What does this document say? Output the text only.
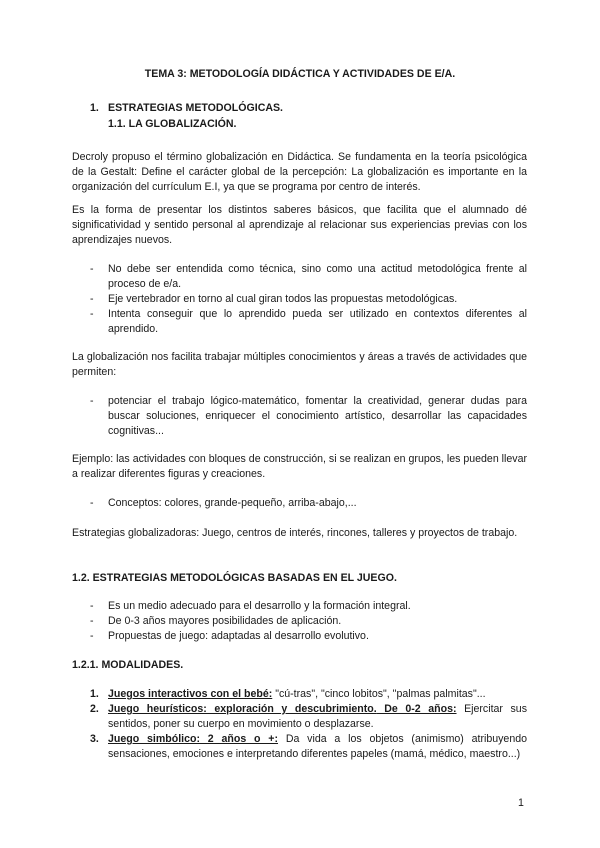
TEMA 3: METODOLOGÍA DIDÁCTICA Y ACTIVIDADES DE E/A.
1. ESTRATEGIAS METODOLÓGICAS.
1.1. LA GLOBALIZACIÓN.
Decroly propuso el término globalización en Didáctica. Se fundamenta en la teoría psicológica de la Gestalt: Define el carácter global de la percepción: La globalización es importante en la organización del currículum E.I, ya que se programa por centro de interés.
Es la forma de presentar los distintos saberes básicos, que facilita que el alumnado dé significatividad y sentido personal al aprendizaje al relacionar sus experiencias previas con los aprendizajes nuevos.
- No debe ser entendida como técnica, sino como una actitud metodológica frente al proceso de e/a.
- Eje vertebrador en torno al cual giran todos las propuestas metodológicas.
- Intenta conseguir que lo aprendido pueda ser utilizado en contextos diferentes al aprendido.
La globalización nos facilita trabajar múltiples conocimientos y áreas a través de actividades que permiten:
- potenciar el trabajo lógico-matemático, fomentar la creatividad, generar dudas para buscar soluciones, enriquecer el conocimiento artístico, desarrollar las capacidades cognitivas...
Ejemplo: las actividades con bloques de construcción, si se realizan en grupos, les pueden llevar a realizar diferentes figuras y creaciones.
- Conceptos: colores, grande-pequeño, arriba-abajo,...
Estrategias globalizadoras: Juego, centros de interés, rincones, talleres y proyectos de trabajo.
1.2. ESTRATEGIAS METODOLÓGICAS BASADAS EN EL JUEGO.
- Es un medio adecuado para el desarrollo y la formación integral.
- De 0-3 años mayores posibilidades de aplicación.
- Propuestas de juego: adaptadas al desarrollo evolutivo.
1.2.1. MODALIDADES.
1. Juegos interactivos con el bebé: "cú-tras", "cinco lobitos", "palmas palmitas"...
2. Juego heurísticos: exploración y descubrimiento. De 0-2 años: Ejercitar sus sentidos, poner su cuerpo en movimiento o desplazarse.
3. Juego simbólico: 2 años o +: Da vida a los objetos (animismo) atribuyendo sensaciones, emociones e interpretando diferentes papeles (mamá, médico, maestro...)
1
